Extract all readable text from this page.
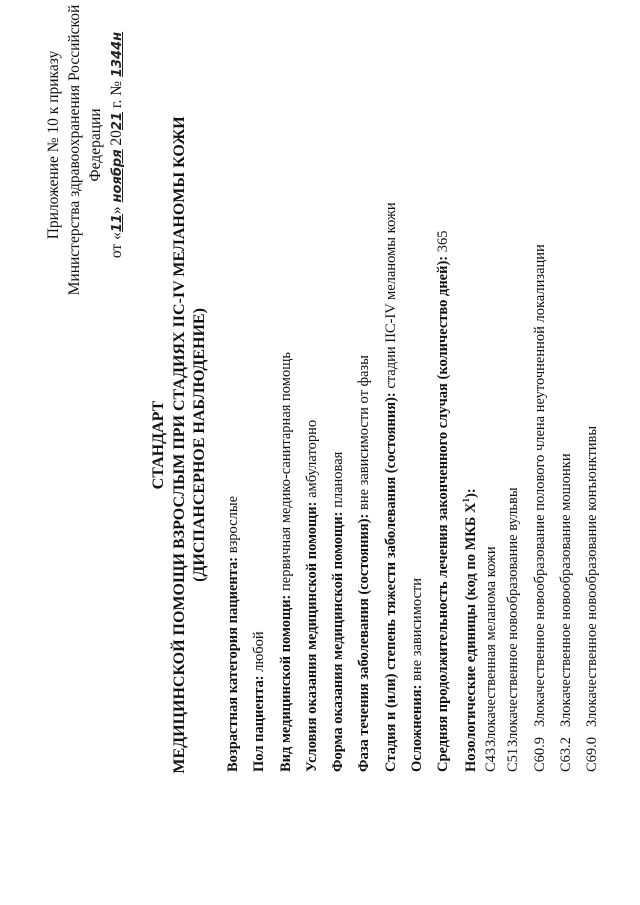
Приложение № 10 к приказу Министерства здравоохранения Российской Федерации

от «11» ноября 2021 г. № 1344н

СТАНДАРТ МЕДИЦИНСКОЙ ПОМОЩИ ВЗРОСЛЫМ ПРИ СТАДИЯХ IIC-IV МЕЛАНОМЫ КОЖИ (ДИСПАНСЕРНОЕ НАБЛЮДЕНИЕ)

Возрастная категория пациента: взрослые

Пол пациента: любой Вид медицинской помощи: первичная медико-санитарная помощь

Условия оказания медицинской помощи: амбулаторно

Форма оказания медицинской помощи: плановая

Фаза течения заболевания (состояния): вне зависимости от фазы Стадия и (или) степень тяжести заболевания (состояния): стадии IIC-IV меланомы кожи

Осложнения: вне зависимости Средняя продолжительность лечения законченного случая (количество дней): 365

Нозологические единицы (код по МКБ $X^1$):

C43

Злокачественная меланома кожи

C51

Злокачественное новообразование вульвы

C60.9

Злокачественное новообразование полового члена неуточненной локализации

C63.2

Злокачественное новообразование мошонки

C69.0

Злокачественное новообразование конъюнктивы
